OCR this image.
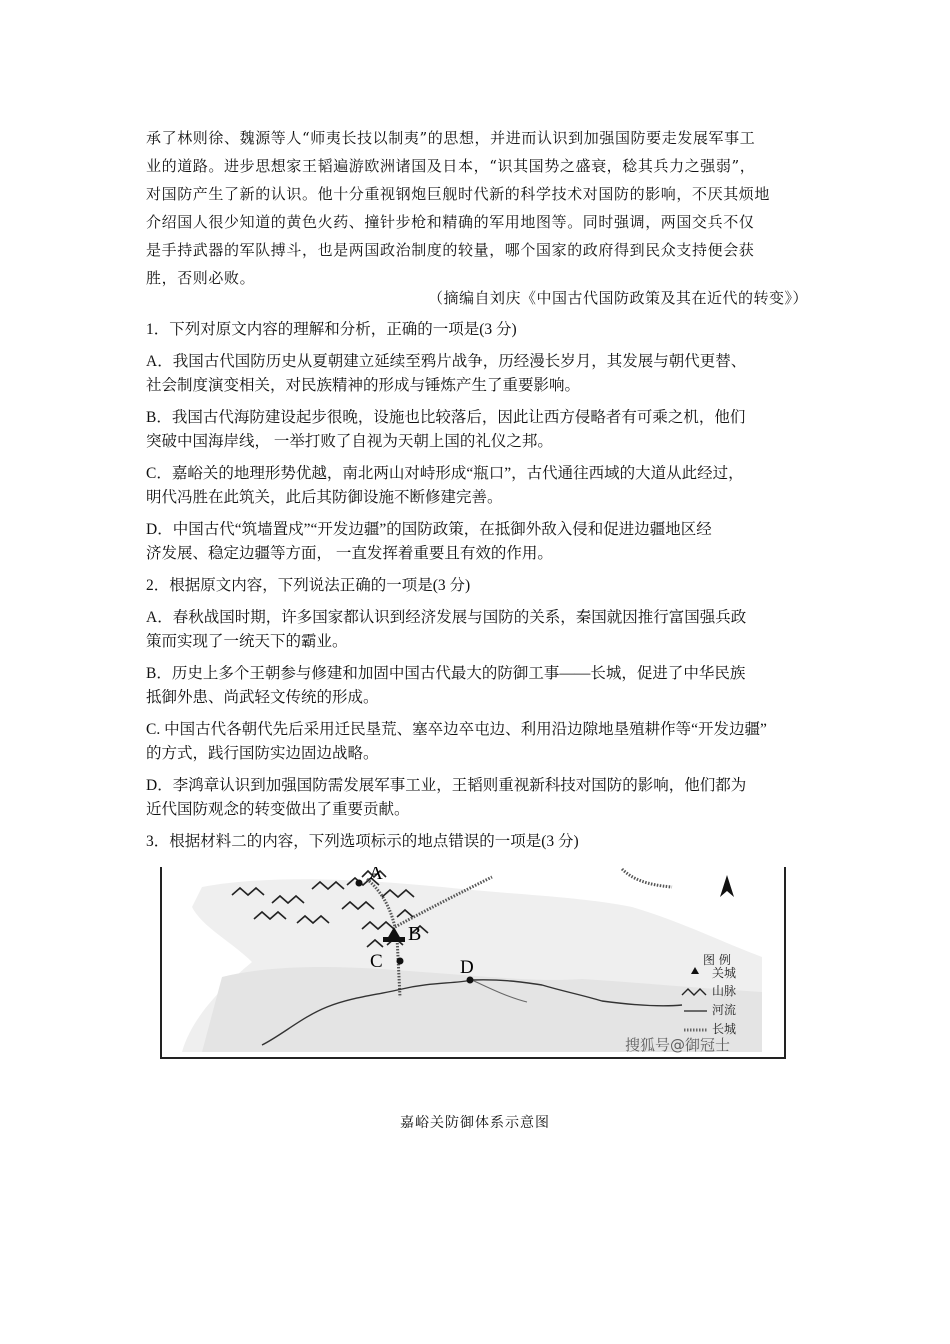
承了林则徐、魏源等人“师夷长技以制夷”的思想，并进而认识到加强国防要走发展军事工

业的道路。进步思想家王韬遍游欧洲诸国及日本，“识其国势之盛衰，稔其兵力之强弱”，

对国防产生了新的认识。他十分重视钢炮巨舰时代新的科学技术对国防的影响，不厌其烦地

介绍国人很少知道的黄色火药、撞针步枪和精确的军用地图等。同时强调，两国交兵不仅

是手持武器的军队搏斗，也是两国政治制度的较量，哪个国家的政府得到民众支持便会获

胜，否则必败。

（摘编自刘庆《中国古代国防政策及其在近代的转变》）
1．下列对原文内容的理解和分析，正确的一项是(3 分)
A．我国古代国防历史从夏朝建立延续至鸦片战争，历经漫长岁月，其发展与朝代更替、
社会制度演变相关，对民族精神的形成与锤炼产生了重要影响。
B．我国古代海防建设起步很晚，设施也比较落后，因此让西方侵略者有可乘之机，他们
突破中国海岸线， 一举打败了自视为天朝上国的礼仪之邦。
C．嘉峪关的地理形势优越，南北两山对峙形成“瓶口”，古代通往西域的大道从此经过，
明代冯胜在此筑关，此后其防御设施不断修建完善。
D．中国古代“筑墙置戍”“开发边疆”的国防政策，在抵御外敌入侵和促进边疆地区经
济发展、稳定边疆等方面， 一直发挥着重要且有效的作用。
2．根据原文内容，下列说法正确的一项是(3 分)
A．春秋战国时期，许多国家都认识到经济发展与国防的关系，秦国就因推行富国强兵政
策而实现了一统天下的霸业。
B．历史上多个王朝参与修建和加固中国古代最大的防御工事——长城，促进了中华民族
抵御外患、尚武轻文传统的形成。
C. 中国古代各朝代先后采用迁民垦荒、塞卒边卒屯边、利用沿边隙地垦殖耕作等“开发边疆”
的方式，践行国防实边固边战略。
D．李鸿章认识到加强国防需发展军事工业，王韬则重视新科技对国防的影响，他们都为
近代国防观念的转变做出了重要贡献。
3．根据材料二的内容，下列选项标示的地点错误的一项是(3 分)
A
B
C	D	图 例
关城
山脉
河流
长城
搜狐号@御冠士
嘉峪关防御体系示意图
